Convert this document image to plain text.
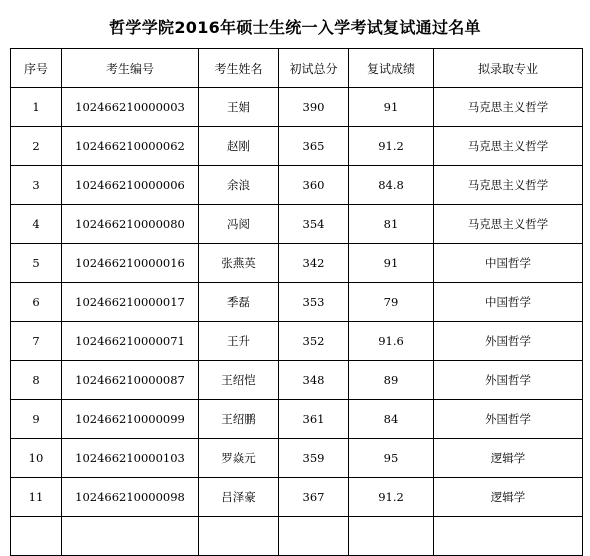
哲学学院2016年硕士生统一入学考试复试通过名单
序号	考生编号	考生姓名	初试总分	复试成绩	拟录取专业
1	102466210000003	王娟	390	91	马克思主义哲学
2	102466210000062	赵刚	365	91.2	马克思主义哲学
3	102466210000006	余浪	360	84.8	马克思主义哲学
4	102466210000080	冯阅	354	81	马克思主义哲学
5	102466210000016	张燕英	342	91	中国哲学
6	102466210000017	季磊	353	79	中国哲学
7	102466210000071	王升	352	91.6	外国哲学
8	102466210000087	王绍恺	348	89	外国哲学
9	102466210000099	王绍鹏	361	84	外国哲学
10	102466210000103	罗焱元	359	95	逻辑学
11	102466210000098	吕泽豪	367	91.2	逻辑学
